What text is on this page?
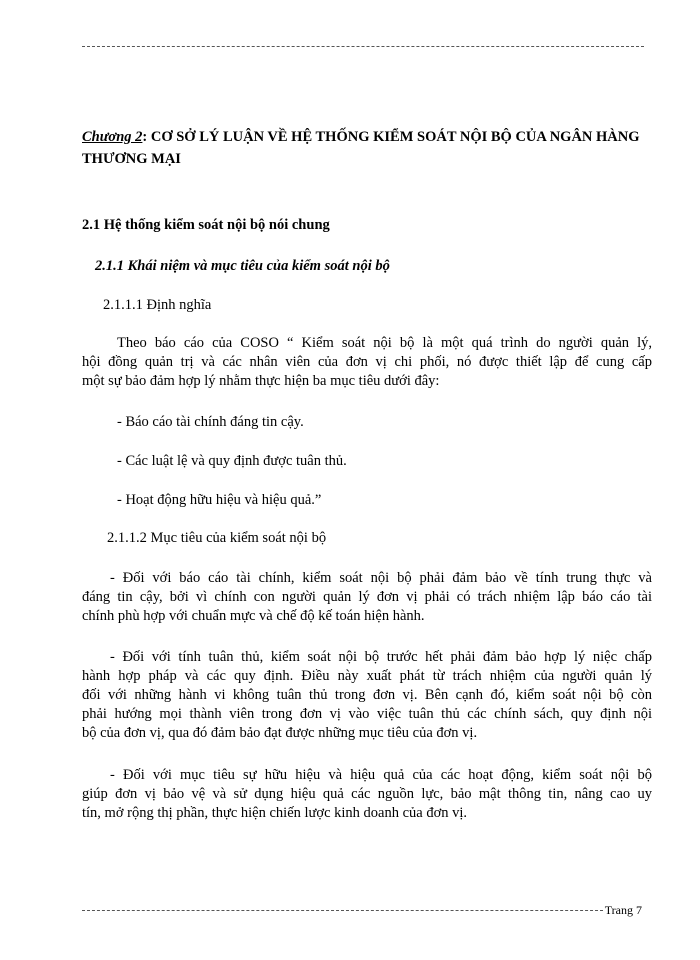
Chương 2: CƠ SỞ LÝ LUẬN VỀ HỆ THỐNG KIỂM SOÁT NỘI BỘ CỦA NGÂN HÀNG THƯƠNG MẠI
2.1 Hệ thống kiểm soát nội bộ nói chung
2.1.1 Khái niệm và mục tiêu của kiểm soát nội bộ
2.1.1.1 Định nghĩa
Theo báo cáo của COSO “ Kiểm soát nội bộ là một quá trình do người quản lý,
hội đồng quản trị và các nhân viên của đơn vị chi phối, nó được thiết lập để cung cấp
một sự bảo đảm hợp lý nhằm thực hiện ba mục tiêu dưới đây:
- Báo cáo tài chính đáng tin cậy.
- Các luật lệ và quy định được tuân thủ.
- Hoạt động hữu hiệu và hiệu quả.”
2.1.1.2 Mục tiêu của kiểm soát nội bộ
- Đối với báo cáo tài chính, kiểm soát nội bộ phải đảm bảo về tính trung thực và
đáng tin cậy, bởi vì chính con người quản lý đơn vị phải có trách nhiệm lập báo cáo tài
chính phù hợp với chuẩn mực và chế độ kế toán hiện hành.
- Đối với tính tuân thủ, kiểm soát nội bộ trước hết phải đảm bảo hợp lý niệc chấp
hành hợp pháp và các quy định. Điều này xuất phát từ trách nhiệm của người quản lý
đối với những hành vi không tuân thủ trong đơn vị. Bên cạnh đó, kiểm soát nội bộ còn
phải hướng mọi thành viên trong đơn vị vào việc tuân thủ các chính sách, quy định nội
bộ của đơn vị, qua đó đảm bảo đạt được những mục tiêu của đơn vị.
- Đối với mục tiêu sự hữu hiệu và hiệu quả của các hoạt động, kiểm soát nội bộ
giúp đơn vị bảo vệ và sử dụng hiệu quả các nguồn lực, bảo mật thông tin, nâng cao uy
tín, mở rộng thị phần, thực hiện chiến lược kinh doanh của đơn vị.
Trang 7
